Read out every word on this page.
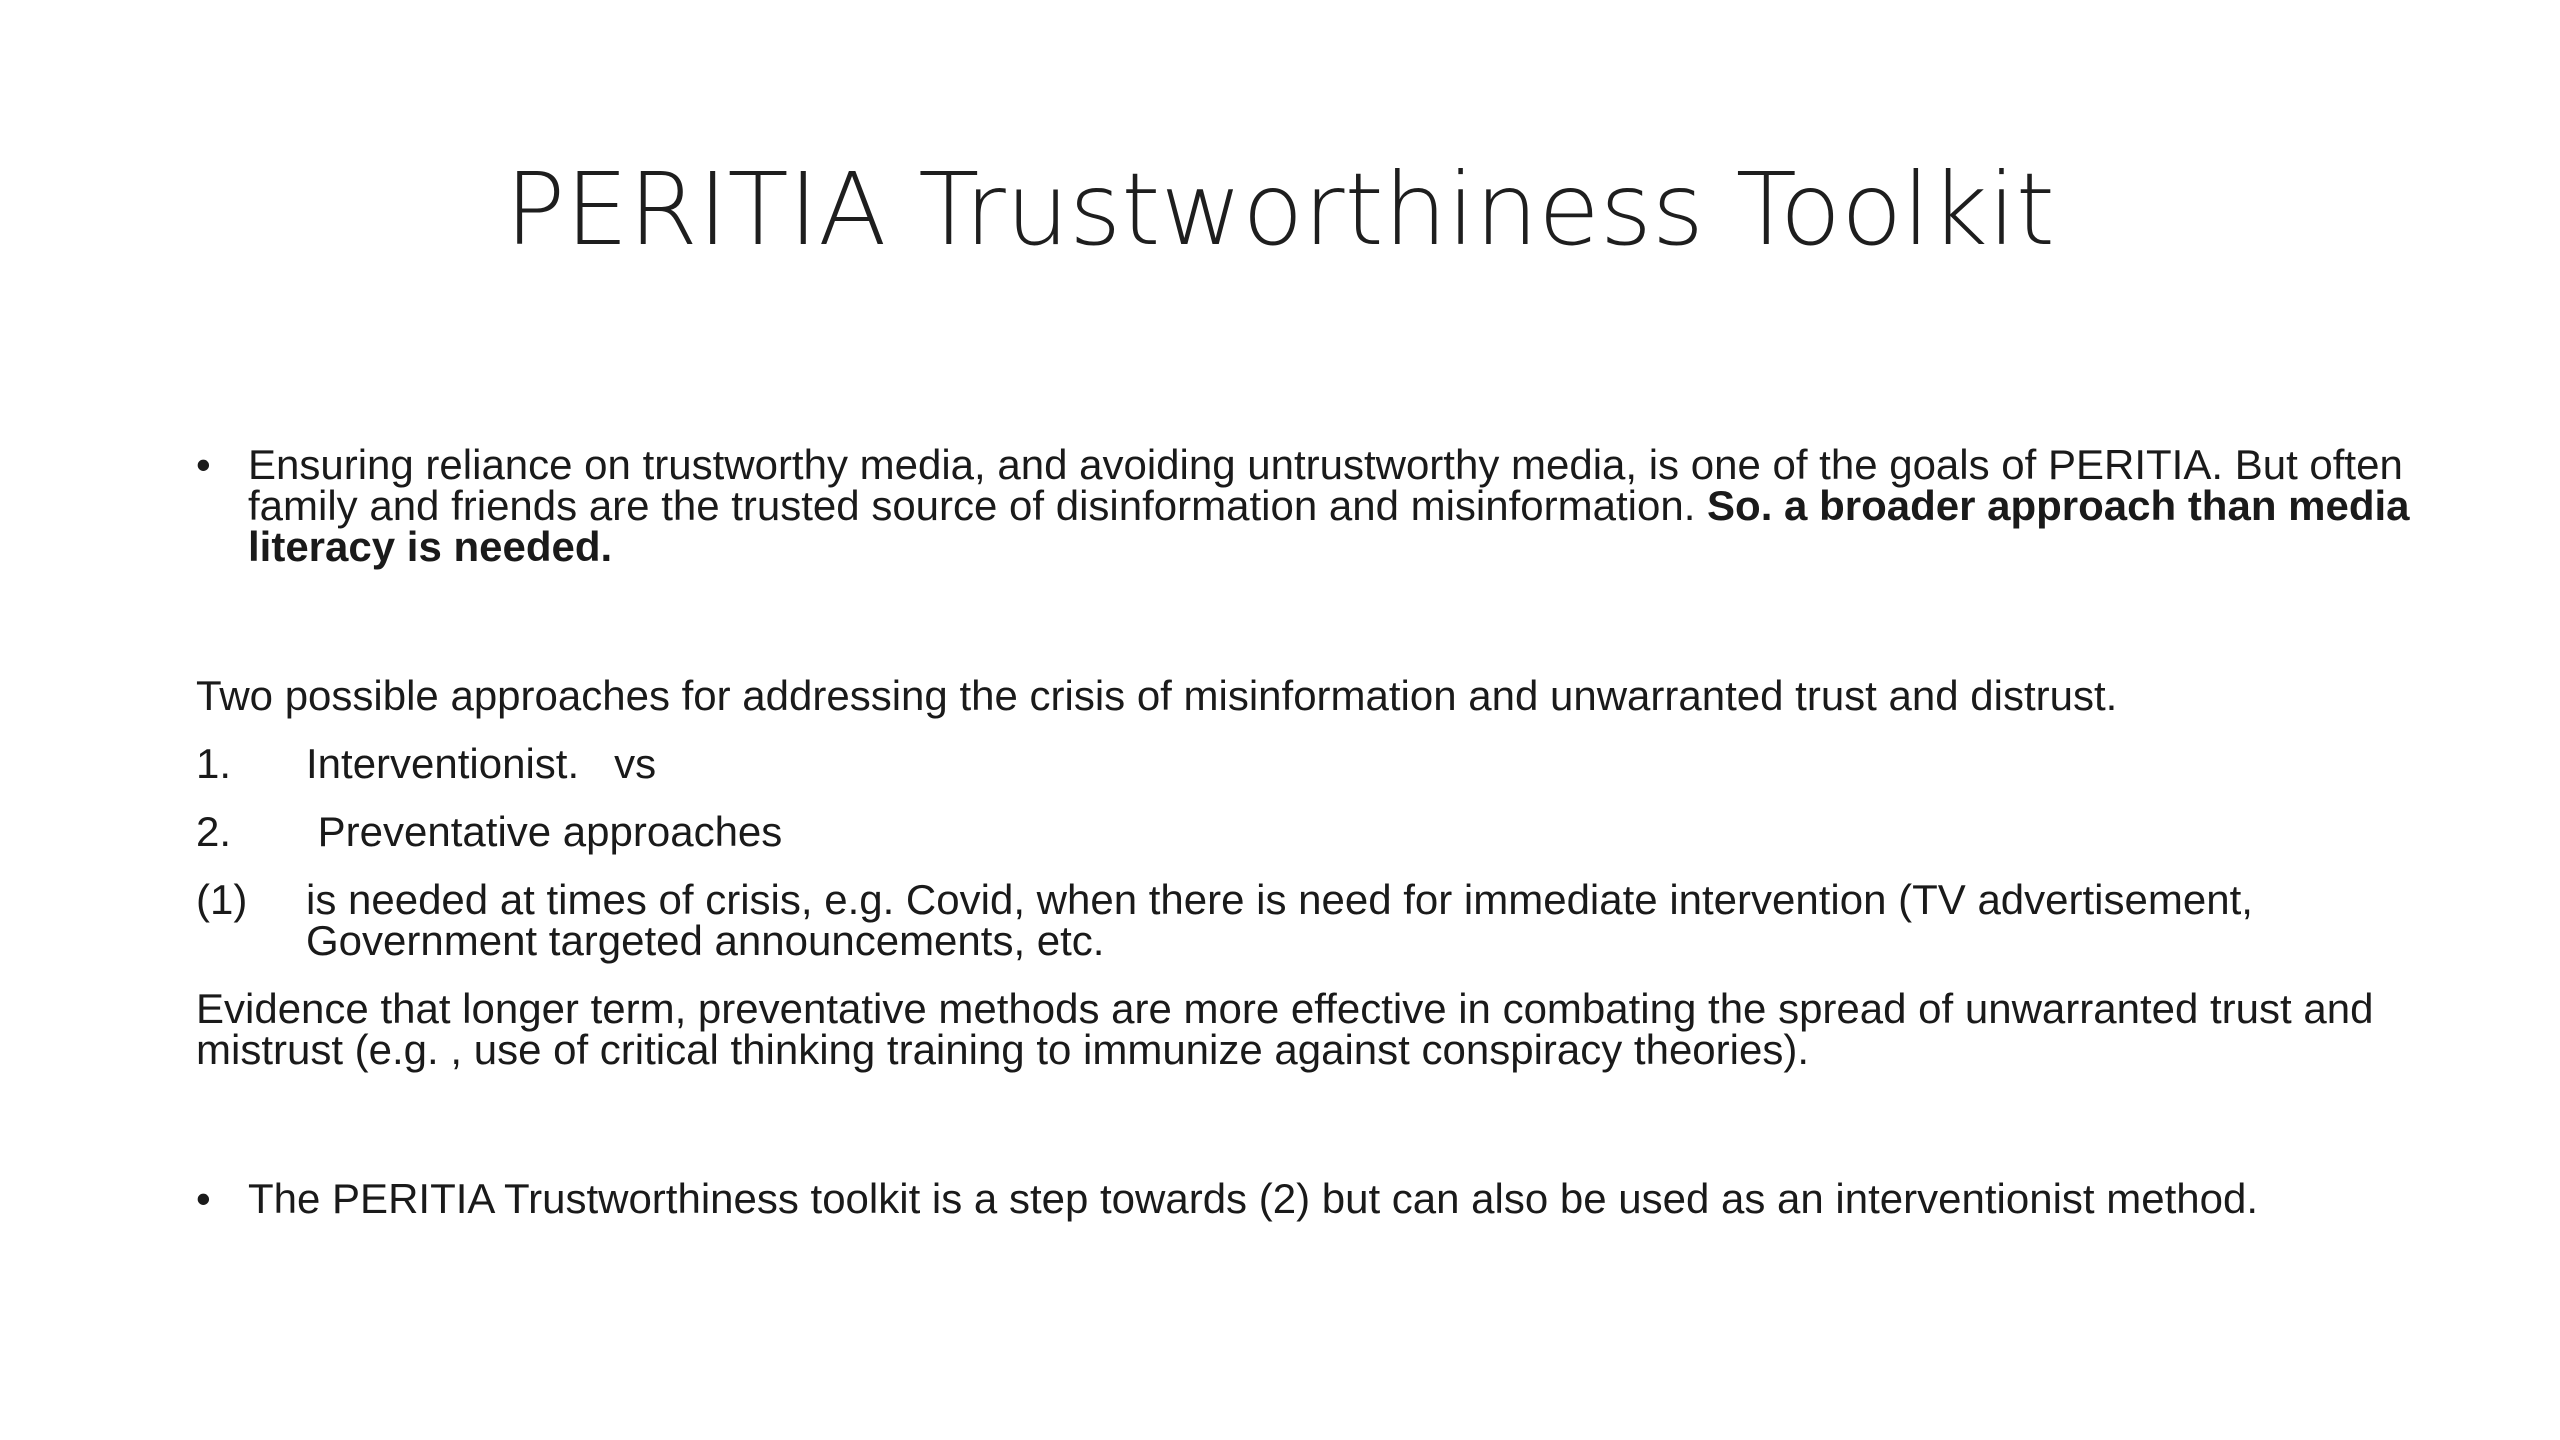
PERITIA Trustworthiness Toolkit
• Ensuring reliance on trustworthy media, and avoiding untrustworthy media, is one of the goals of PERITIA. But often family and friends are the trusted source of disinformation and misinformation. So. a broader approach than media literacy is needed.
Two possible approaches for addressing the crisis of misinformation and unwarranted trust and distrust.
1.	Interventionist.   vs
2.	Preventative approaches
(1)	is needed at times of crisis, e.g. Covid, when there is need for immediate intervention (TV advertisement, Government targeted announcements, etc.
Evidence that longer term, preventative methods are more effective in combating the spread of unwarranted trust and mistrust (e.g. , use of critical thinking training to immunize against conspiracy theories).
• The PERITIA Trustworthiness toolkit is a step towards (2) but can also be used as an interventionist method.
